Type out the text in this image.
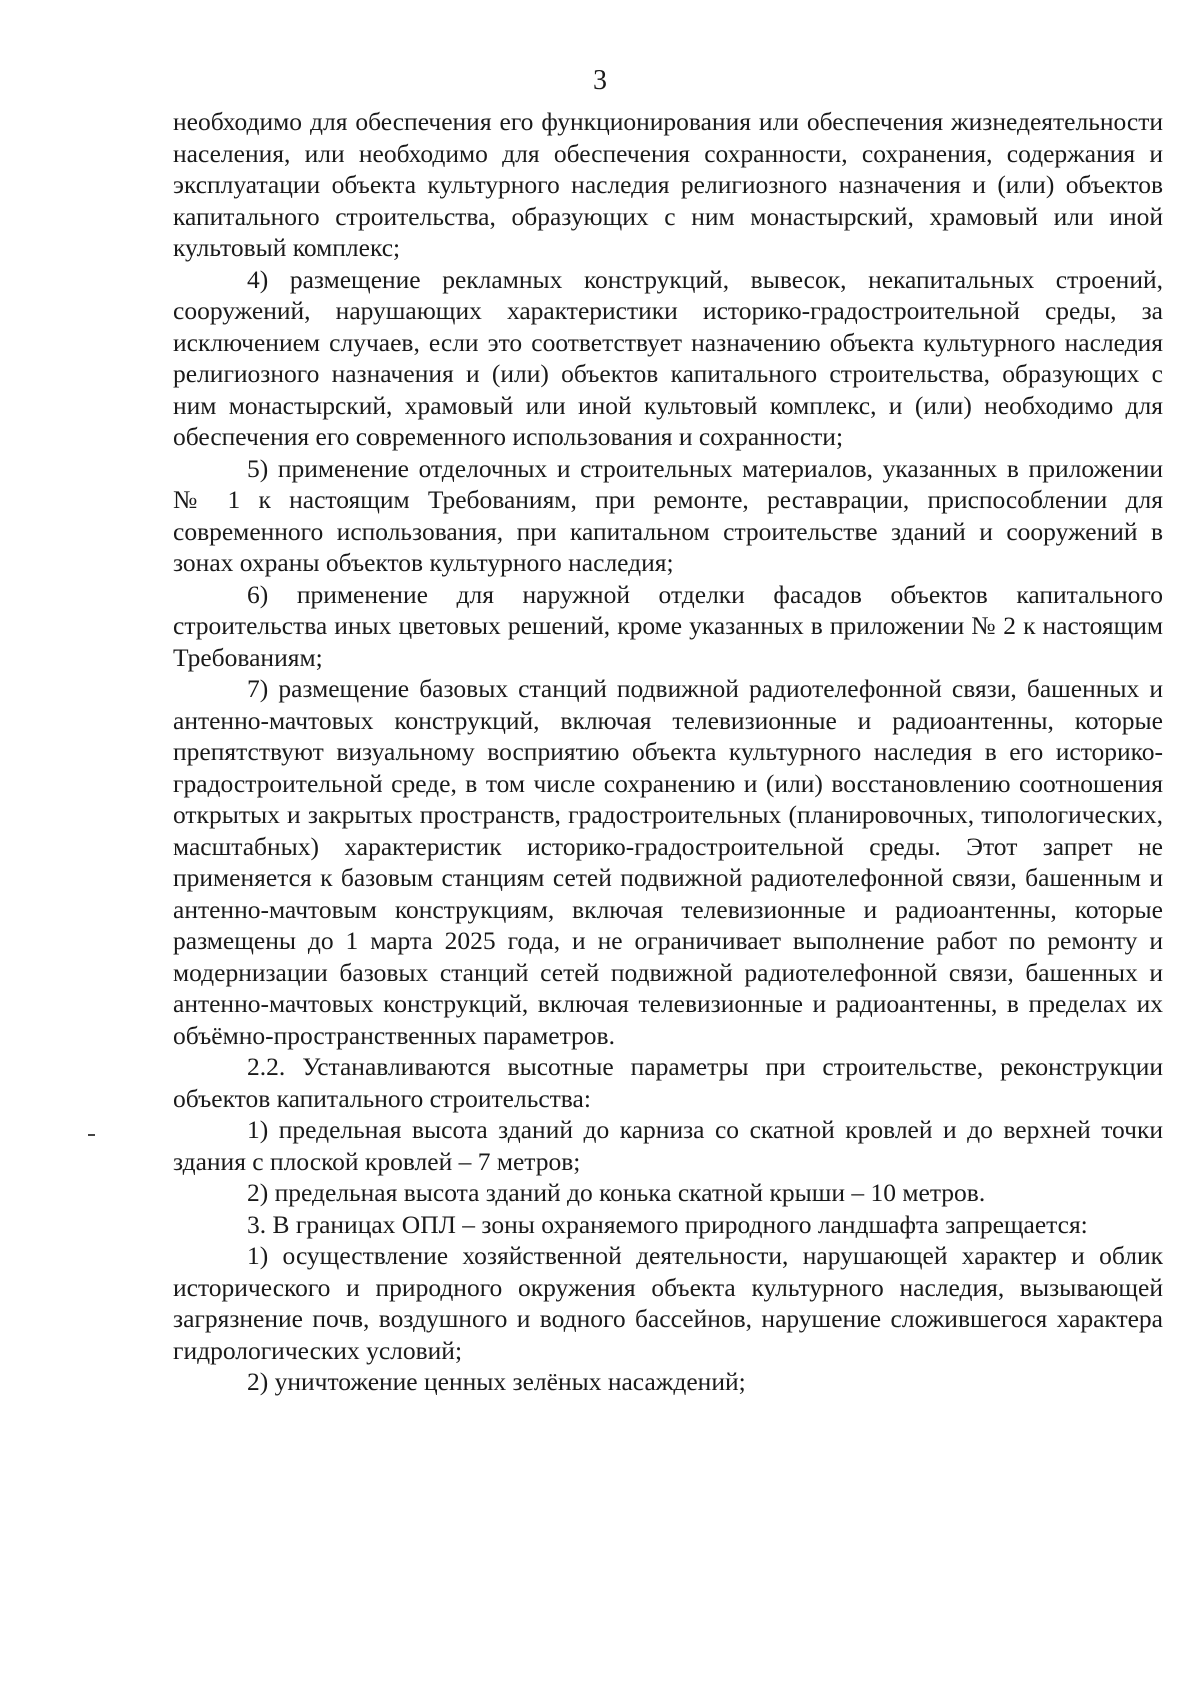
3

необходимо для обеспечения его функционирования или обеспечения жизнедеятельности населения, или необходимо для обеспечения сохранности, сохранения, содержания и эксплуатации объекта культурного наследия религиозного назначения и (или) объектов капитального строительства, образующих с ним монастырский, храмовый или иной культовый комплекс;

4) размещение рекламных конструкций, вывесок, некапитальных строений, сооружений, нарушающих характеристики историко-градостроительной среды, за исключением случаев, если это соответствует назначению объекта культурного наследия религиозного назначения и (или) объектов капитального строительства, образующих с ним монастырский, храмовый или иной культовый комплекс, и (или) необходимо для обеспечения его современного использования и сохранности;

5) применение отделочных и строительных материалов, указанных в приложении № 1 к настоящим Требованиям, при ремонте, реставрации, приспособлении для современного использования, при капитальном строительстве зданий и сооружений в зонах охраны объектов культурного наследия;

6) применение для наружной отделки фасадов объектов капитального строительства иных цветовых решений, кроме указанных в приложении № 2 к настоящим Требованиям;

7) размещение базовых станций подвижной радиотелефонной связи, башенных и антенно-мачтовых конструкций, включая телевизионные и радиоантенны, которые препятствуют визуальному восприятию объекта культурного наследия в его историко-градостроительной среде, в том числе сохранению и (или) восстановлению соотношения открытых и закрытых пространств, градостроительных (планировочных, типологических, масштабных) характеристик историко-градостроительной среды. Этот запрет не применяется к базовым станциям сетей подвижной радиотелефонной связи, башенным и антенно-мачтовым конструкциям, включая телевизионные и радиоантенны, которые размещены до 1 марта 2025 года, и не ограничивает выполнение работ по ремонту и модернизации базовых станций сетей подвижной радиотелефонной связи, башенных и антенно-мачтовых конструкций, включая телевизионные и радиоантенны, в пределах их объёмно-пространственных параметров.

2.2. Устанавливаются высотные параметры при строительстве, реконструкции объектов капитального строительства:

1) предельная высота зданий до карниза со скатной кровлей и до верхней точки здания с плоской кровлей – 7 метров;

2) предельная высота зданий до конька скатной крыши – 10 метров.

3. В границах ОПЛ – зоны охраняемого природного ландшафта запрещается:

1) осуществление хозяйственной деятельности, нарушающей характер и облик исторического и природного окружения объекта культурного наследия, вызывающей загрязнение почв, воздушного и водного бассейнов, нарушение сложившегося характера гидрологических условий;

2) уничтожение ценных зелёных насаждений;
